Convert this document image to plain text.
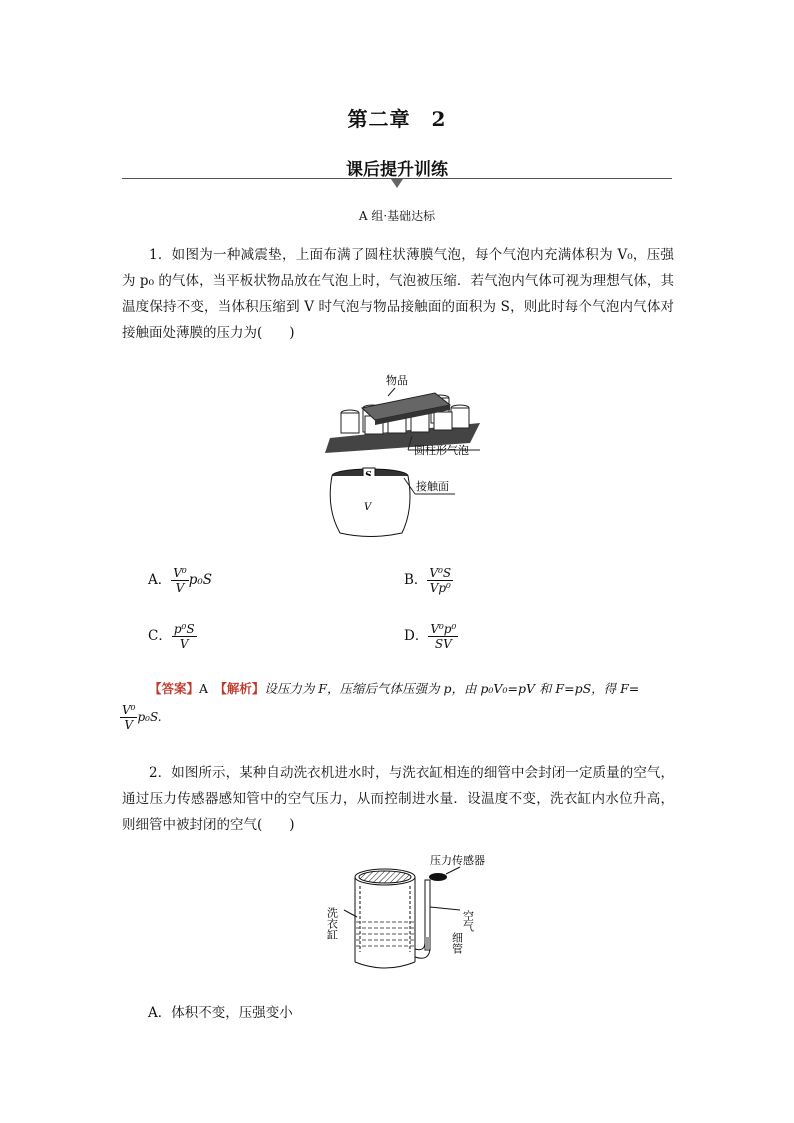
第二章　2
课后提升训练
A 组·基础达标
1．如图为一种减震垫，上面布满了圆柱状薄膜气泡，每个气泡内充满体积为 V₀，压强为 p₀ 的气体，当平板状物品放在气泡上时，气泡被压缩．若气泡内气体可视为理想气体，其温度保持不变，当体积压缩到 V 时气泡与物品接触面的面积为 S，则此时每个气泡内气体对接触面处薄膜的压力为(　　)
物品
圆柱形气泡
V
接触面
A． $\frac{\text{V⁰}}{V} p_0S$	B． $\frac{\text{V⁰S}}{\text{Vp⁰}}$
C． $\frac{\text{p⁰S}}{V}$	D． $\frac{\text{V⁰p⁰}}{SV}$
【答案】A　 【解析】设压力为 F，压缩后气体压强为 p，由 p₀V₀=pV 和 F=pS，得 F=
$\frac{\text{V⁰}}{V} p_0S$.
2．如图所示，某种自动洗衣机进水时，与洗衣缸相连的细管中会封闭一定质量的空气，通过压力传感器感知管中的空气压力，从而控制进水量．设温度不变，洗衣缸内水位升高，则细管中被封闭的空气(　　)
压力传感器
洗衣缸	空气
细管
A．体积不变，压强变小
